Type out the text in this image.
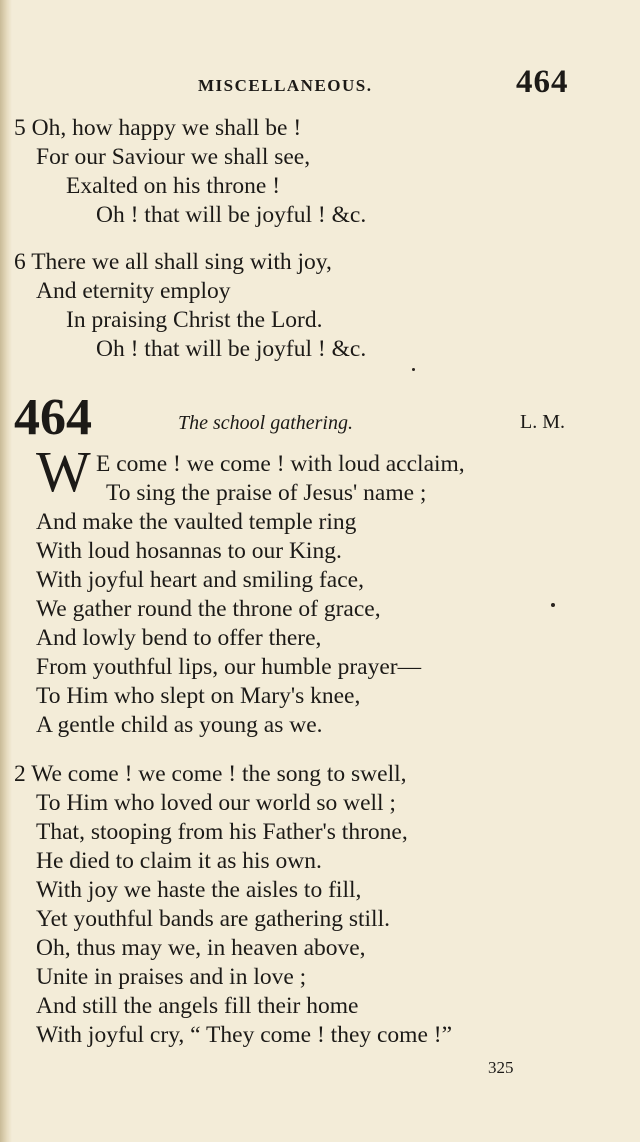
MISCELLANEOUS.	464
5 Oh, how happy we shall be !
For our Saviour we shall see,
Exalted on his throne !
Oh ! that will be joyful ! &c.
6 There we all shall sing with joy,
And eternity employ
In praising Christ the Lord.
Oh ! that will be joyful ! &c.
464	The school gathering.	L. M.
W E come ! we come ! with loud acclaim,
To sing the praise of Jesus' name ;
And make the vaulted temple ring
With loud hosannas to our King.
With joyful heart and smiling face,
We gather round the throne of grace,
And lowly bend to offer there,
From youthful lips, our humble prayer—
To Him who slept on Mary's knee,
A gentle child as young as we.
2 We come ! we come ! the song to swell,
To Him who loved our world so well ;
That, stooping from his Father's throne,
He died to claim it as his own.
With joy we haste the aisles to fill,
Yet youthful bands are gathering still.
Oh, thus may we, in heaven above,
Unite in praises and in love ;
And still the angels fill their home
With joyful cry, “ They come ! they come !”
325
